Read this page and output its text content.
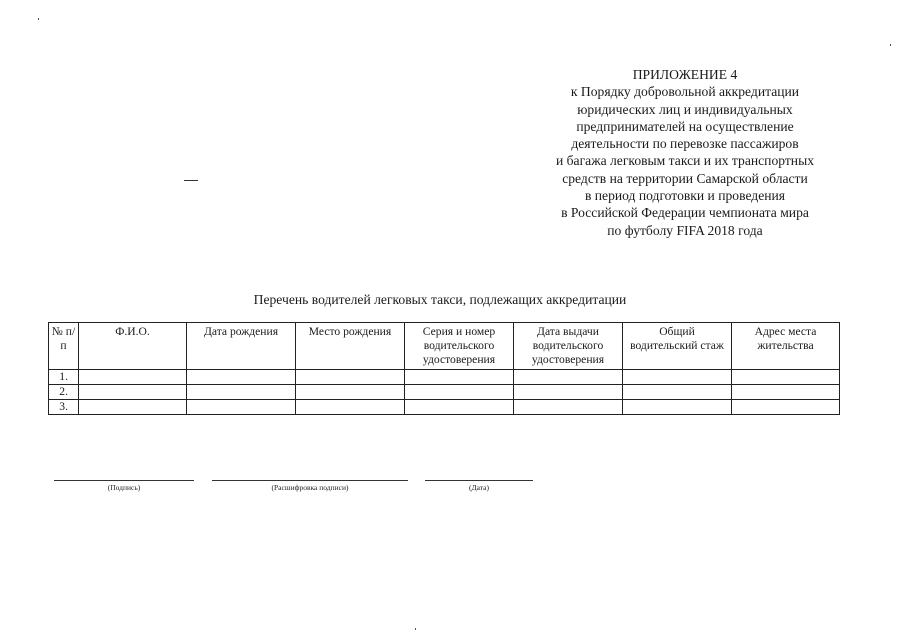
ПРИЛОЖЕНИЕ 4
к Порядку добровольной аккредитации
юридических лиц и индивидуальных
предпринимателей на осуществление
деятельности по перевозке пассажиров
и багажа легковым такси и их транспортных
средств на территории Самарской области
в период подготовки и проведения
в Российской Федерации чемпионата мира
по футболу FIFA 2018 года
Перечень водителей легковых такси, подлежащих аккредитации
№ п/п	Ф.И.О.	Дата рождения	Место рождения	Серия и номер водительского удостоверения	Дата выдачи водительского удостоверения	Общий водительский стаж	Адрес места жительства
1.							
2.							
3.							
(Подпись)	(Расшифровка подписи)	(Дата)
